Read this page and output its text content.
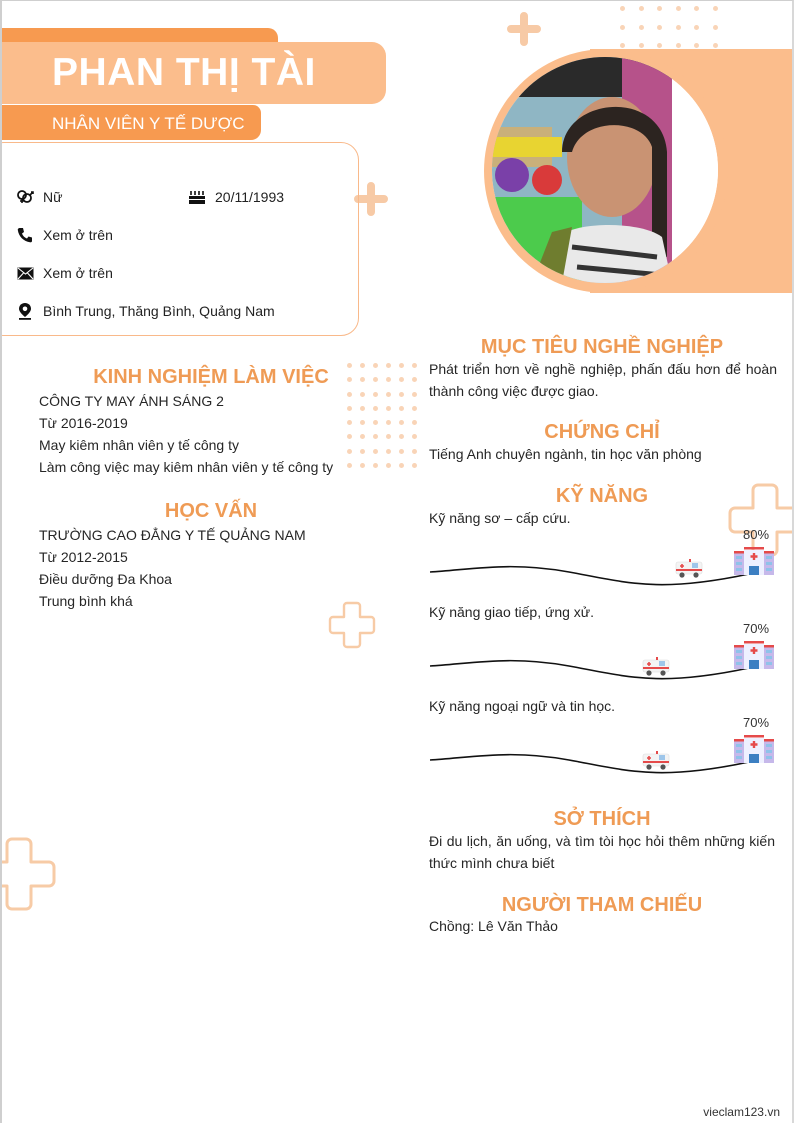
PHAN THỊ TÀI
NHÂN VIÊN Y TẾ DƯỢC
Nữ	20/11/1993
Xem ở trên
Xem ở trên
Bình Trung, Thăng Bình, Quảng Nam
KINH NGHIỆM LÀM VIỆC
CÔNG TY MAY ÁNH SÁNG 2
Từ 2016-2019
May kiêm nhân viên y tế công ty
Làm công việc may kiêm nhân viên y tế công ty
HỌC VẤN
TRƯỜNG CAO ĐẲNG Y TẾ QUẢNG NAM
Từ 2012-2015
Điều dưỡng Đa Khoa
Trung bình khá
MỤC TIÊU NGHỀ NGHIỆP
Phát triển hơn về nghề nghiệp, phấn đấu hơn để hoàn thành công việc được giao.
CHỨNG CHỈ
Tiếng Anh chuyên ngành, tin học văn phòng
KỸ NĂNG
Kỹ năng sơ – cấp cứu.
80%
Kỹ năng giao tiếp, ứng xử.
70%
Kỹ năng ngoại ngữ và tin học.
70%
SỞ THÍCH
Đi du lịch, ăn uống, và tìm tòi học hỏi thêm những kiến thức mình chưa biết
NGƯỜI THAM CHIẾU
Chồng: Lê Văn Thảo
vieclam123.vn
